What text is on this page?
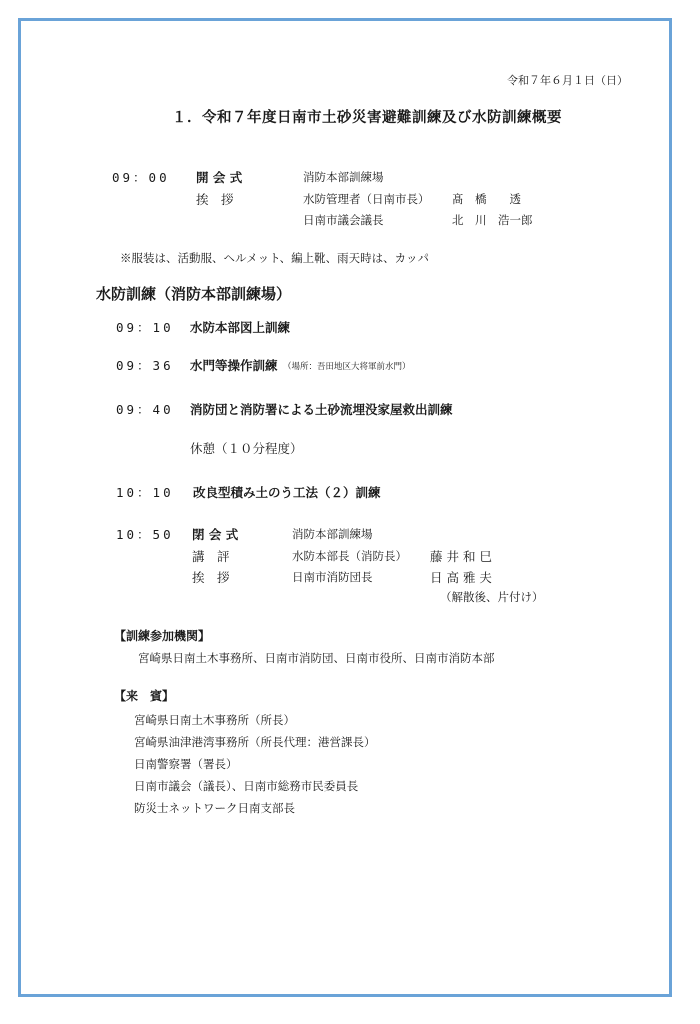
令和７年６月１日（日）
１．令和７年度日南市土砂災害避難訓練及び水防訓練概要
09：00 開 会 式	消防本部訓練場
挨　拶	水防管理者（日南市長） 髙　橋　　透
日南市議会議長	北　川　浩一郎
※服装は、活動服、ヘルメット、編上靴、雨天時は、カッパ
水防訓練（消防本部訓練場）
09：10 水防本部図上訓練
09：36 水門等操作訓練 （場所：吾田地区大将軍前水門）
09：40 消防団と消防署による土砂流埋没家屋救出訓練
休憩（１０分程度）
10：10 改良型積み土のう工法（２）訓練
10：50 閉 会 式	消防本部訓練場
講　評	水防本部長（消防長） 藤 井 和 巳
挨　拶	日南市消防団長	日 高 雅 夫
（解散後、片付け）
【訓練参加機関】
宮崎県日南土木事務所、日南市消防団、日南市役所、日南市消防本部
【来　賓】
宮崎県日南土木事務所（所長）
宮崎県油津港湾事務所（所長代理：港営課長）
日南警察署（署長）
日南市議会（議長）、日南市総務市民委員長
防災士ネットワーク日南支部長
